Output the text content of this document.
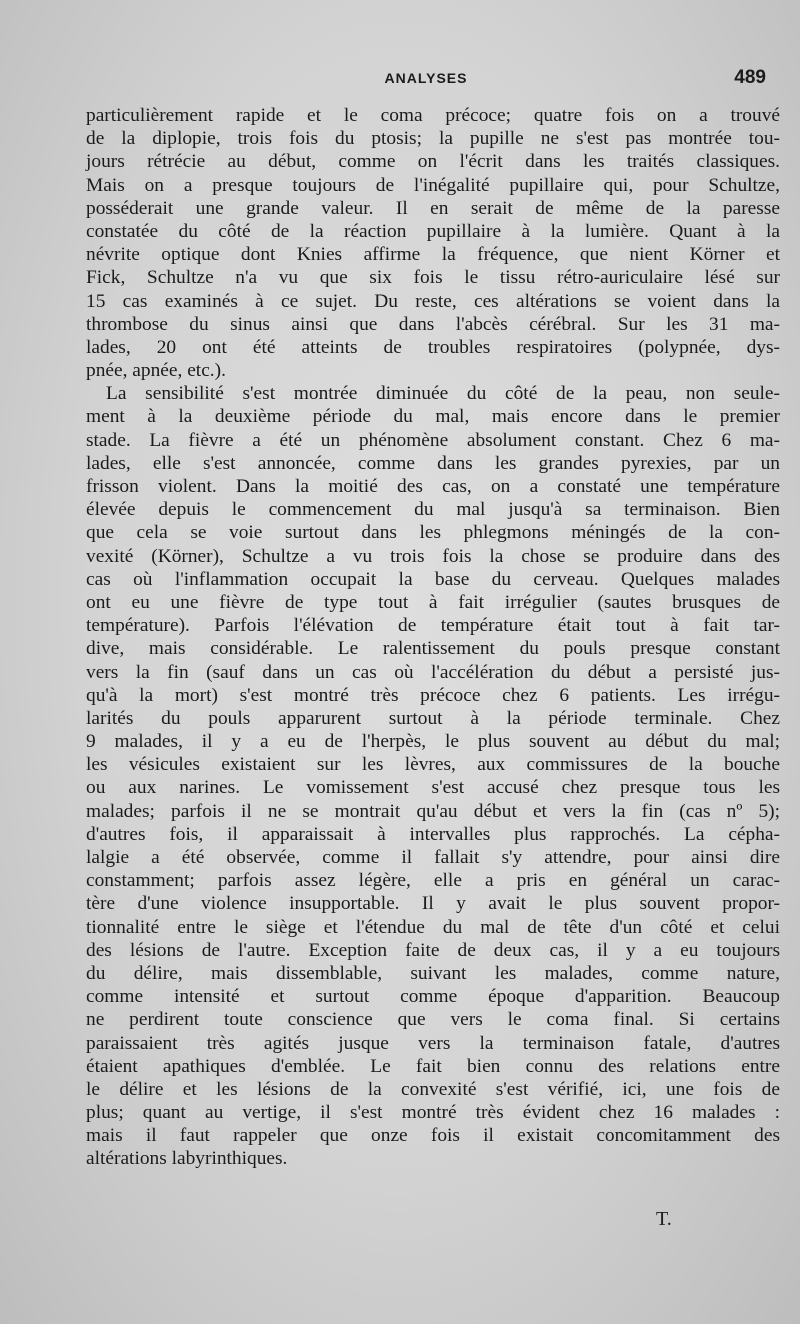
ANALYSES	489
particulièrement rapide et le coma précoce; quatre fois on a trouvé
de la diplopie, trois fois du ptosis; la pupille ne s'est pas montrée tou-
jours rétrécie au début, comme on l'écrit dans les traités classiques.
Mais on a presque toujours de l'inégalité pupillaire qui, pour Schultze,
posséderait une grande valeur. Il en serait de même de la paresse
constatée du côté de la réaction pupillaire à la lumière. Quant à la
névrite optique dont Knies affirme la fréquence, que nient Körner et
Fick, Schultze n'a vu que six fois le tissu rétro-auriculaire lésé sur
15 cas examinés à ce sujet. Du reste, ces altérations se voient dans la
thrombose du sinus ainsi que dans l'abcès cérébral. Sur les 31 ma-
lades, 20 ont été atteints de troubles respiratoires (polypnée, dys-
pnée, apnée, etc.).
La sensibilité s'est montrée diminuée du côté de la peau, non seule-
ment à la deuxième période du mal, mais encore dans le premier
stade. La fièvre a été un phénomène absolument constant. Chez 6 ma-
lades, elle s'est annoncée, comme dans les grandes pyrexies, par un
frisson violent. Dans la moitié des cas, on a constaté une température
élevée depuis le commencement du mal jusqu'à sa terminaison. Bien
que cela se voie surtout dans les phlegmons méningés de la con-
vexité (Körner), Schultze a vu trois fois la chose se produire dans des
cas où l'inflammation occupait la base du cerveau. Quelques malades
ont eu une fièvre de type tout à fait irrégulier (sautes brusques de
température). Parfois l'élévation de température était tout à fait tar-
dive, mais considérable. Le ralentissement du pouls presque constant
vers la fin (sauf dans un cas où l'accélération du début a persisté jus-
qu'à la mort) s'est montré très précoce chez 6 patients. Les irrégu-
larités du pouls apparurent surtout à la période terminale. Chez
9 malades, il y a eu de l'herpès, le plus souvent au début du mal;
les vésicules existaient sur les lèvres, aux commissures de la bouche
ou aux narines. Le vomissement s'est accusé chez presque tous les
malades; parfois il ne se montrait qu'au début et vers la fin (cas nº 5);
d'autres fois, il apparaissait à intervalles plus rapprochés. La cépha-
lalgie a été observée, comme il fallait s'y attendre, pour ainsi dire
constamment; parfois assez légère, elle a pris en général un carac-
tère d'une violence insupportable. Il y avait le plus souvent propor-
tionnalité entre le siège et l'étendue du mal de tête d'un côté et celui
des lésions de l'autre. Exception faite de deux cas, il y a eu toujours
du délire, mais dissemblable, suivant les malades, comme nature,
comme intensité et surtout comme époque d'apparition. Beaucoup
ne perdirent toute conscience que vers le coma final. Si certains
paraissaient très agités jusque vers la terminaison fatale, d'autres
étaient apathiques d'emblée. Le fait bien connu des relations entre
le délire et les lésions de la convexité s'est vérifié, ici, une fois de
plus; quant au vertige, il s'est montré très évident chez 16 malades :
mais il faut rappeler que onze fois il existait concomitamment des
altérations labyrinthiques.
T.
